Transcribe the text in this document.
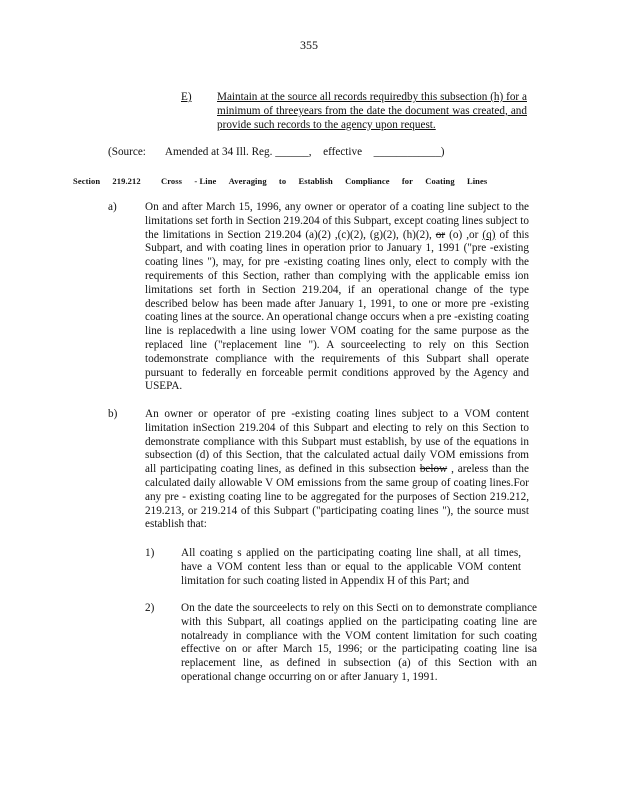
355
E) Maintain at the source all records requiredby this subsection (h) for a minimum of threeyears from the date the document was created, and provide such records to the agency upon request.
(Source: Amended at 34 Ill. Reg. ______, effective ____________)
Section 219.212 Cross - Line Averaging to Establish Compliance for Coating Lines
a)	On and after March 15, 1996, any owner or operator of a coating line subject to the limitations set forth in Section 219.204 of this Subpart, except coating lines subject to the limitations in Section 219.204 (a)(2) ,(c)(2), (g)(2), (h)(2), or (o) ,or (q) of this Subpart, and with coating lines in operation prior to January 1, 1991 ("pre -existing coating lines "), may, for pre -existing coating lines only, elect to comply with the requirements of this Section, rather than complying with the applicable emiss ion limitations set forth in Section 219.204, if an operational change of the type described below has been made after January 1, 1991, to one or more pre -existing coating lines at the source. An operational change occurs when a pre -existing coating line is replacedwith a line using lower VOM coating for the same purpose as the replaced line ("replacement line "). A sourceelecting to rely on this Section todemonstrate compliance with the requirements of this Subpart shall operate pursuant to federally en forceable permit conditions approved by the Agency and USEPA.
b) An owner or operator of pre -existing coating lines subject to a VOM content limitation inSection 219.204 of this Subpart and electing to rely on this Section to demonstrate compliance with this Subpart must establish, by use of the equations in subsection (d) of this Section, that the calculated actual daily VOM emissions from all participating coating lines, as defined in this subsection below , areless than the calculated daily allowable V OM emissions from the same group of coating lines.For any pre - existing coating line to be aggregated for the purposes of Section 219.212, 219.213, or 219.214 of this Subpart ("participating coating lines "), the source must establish that:
1) All coating s applied on the participating coating line shall, at all times, have a VOM content less than or equal to the applicable VOM content limitation for such coating listed in Appendix H of this Part; and
2) On the date the sourceelects to rely on this Secti on to demonstrate compliance with this Subpart, all coatings applied on the participating coating line are notalready in compliance with the VOM content limitation for such coating effective on or after March 15, 1996; or the participating coating line isa replacement line, as defined in subsection (a) of this Section with an operational change occurring on or after January 1, 1991.
